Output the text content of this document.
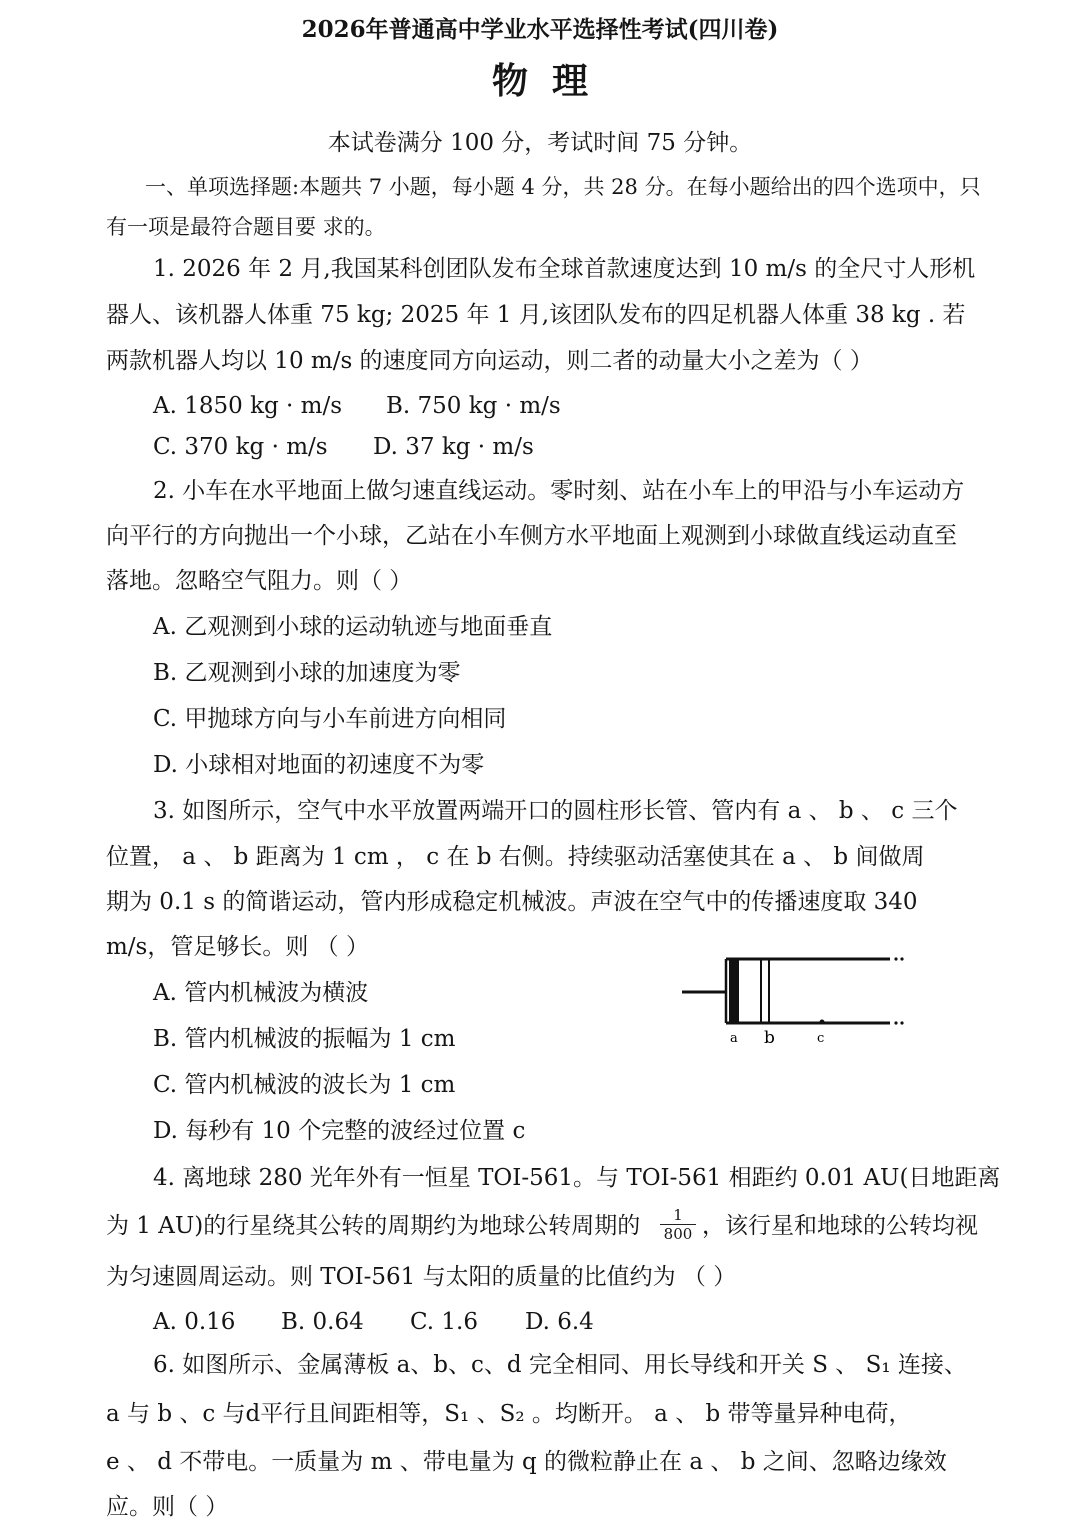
2026年普通高中学业水平选择性考试(四川卷)
物理
本试卷满分 100 分，考试时间 75 分钟。
一、单项选择题:本题共 7 小题，每小题 4 分，共 28 分。在每小题给出的四个选项中，只
有一项是最符合题目要 求的。
1. 2026 年 2 月,我国某科创团队发布全球首款速度达到 10 m/s 的全尺寸人形机
器人、该机器人体重 75 kg; 2025 年 1 月,该团队发布的四足机器人体重 38 kg . 若
两款机器人均以 10 m/s 的速度同方向运动，则二者的动量大小之差为（ ）
A. 1850 kg · m/s B. 750 kg · m/s
C. 370 kg · m/s D. 37 kg · m/s
2. 小车在水平地面上做匀速直线运动。零时刻、站在小车上的甲沿与小车运动方
向平行的方向抛出一个小球，乙站在小车侧方水平地面上观测到小球做直线运动直至
落地。忽略空气阻力。则（ ）
A. 乙观测到小球的运动轨迹与地面垂直
B. 乙观测到小球的加速度为零
C. 甲抛球方向与小车前进方向相同
D. 小球相对地面的初速度不为零
3. 如图所示，空气中水平放置两端开口的圆柱形长管、管内有 a 、 b 、 c 三个
位置， a 、 b 距离为 1 cm ， c 在 b 右侧。持续驱动活塞使其在 a 、 b 间做周
期为 0.1 s 的简谐运动，管内形成稳定机械波。声波在空气中的传播速度取 340
m/s，管足够长。则 （ ）
A. 管内机械波为横波
B. 管内机械波的振幅为 1 cm
C. 管内机械波的波长为 1 cm
D. 每秒有 10 个完整的波经过位置 c
a b	c
4. 离地球 280 光年外有一恒星 TOI-561。与 TOI-561 相距约 0.01 AU(日地距离
为 1 AU)的行星绕其公转的周期约为地球公转周期的 $\frac{1}{800}$ ，该行星和地球的公转均视
为匀速圆周运动。则 TOI-561 与太阳的质量的比值约为 （ ）
A. 0.16 B. 0.64 C. 1.6 D. 6.4
6. 如图所示、金属薄板 a、b、c、d 完全相同、用长导线和开关 S 、 S₁ 连接、
a 与 b 、c 与d平行且间距相等，S₁ 、S₂ 。均断开。 a 、 b 带等量异种电荷，
e 、 d 不带电。一质量为 m 、带电量为 q 的微粒静止在 a 、 b 之间、忽略边缘效
应。则（ ）
